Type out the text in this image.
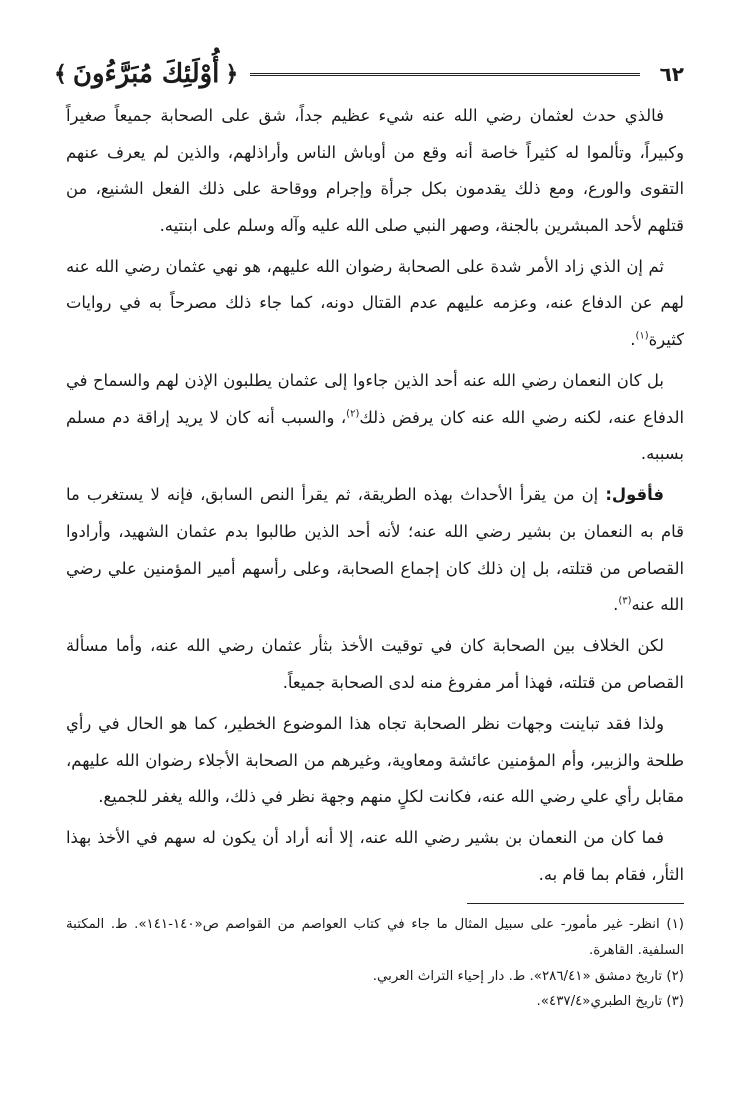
٦٢
﴿
أُوْلَئِكَ مُبَرَّءُونَ
﴾

فالذي حدث لعثمان رضي الله عنه شيء عظيم جداً، شق على الصحابة جميعاً صغيراً وكبيراً، وتألموا له كثيراً خاصة أنه وقع من أوباش الناس وأراذلهم، والذين لم يعرف عنهم التقوى والورع، ومع ذلك يقدمون بكل جرأة وإجرام ووقاحة على ذلك الفعل الشنيع، من قتلهم لأحد المبشرين بالجنة، وصهر النبي صلى الله عليه وآله وسلم على ابنتيه.

ثم إن الذي زاد الأمر شدة على الصحابة رضوان الله عليهم، هو نهي عثمان رضي الله عنه لهم عن الدفاع عنه، وعزمه عليهم عدم القتال دونه، كما جاء ذلك مصرحاً به في روايات كثيرة$^{(١)}$.

بل كان النعمان رضي الله عنه أحد الذين جاءوا إلى عثمان يطلبون الإذن لهم والسماح في الدفاع عنه، لكنه رضي الله عنه كان يرفض ذلك$^{(٢)}$، والسبب أنه كان لا يريد إراقة دم مسلم بسببه.

فأقول: إن من يقرأ الأحداث بهذه الطريقة، ثم يقرأ النص السابق، فإنه لا يستغرب ما قام به النعمان بن بشير رضي الله عنه؛ لأنه أحد الذين طالبوا بدم عثمان الشهيد، وأرادوا القصاص من قتلته، بل إن ذلك كان إجماع الصحابة، وعلى رأسهم أمير المؤمنين علي رضي الله عنه$^{(٣)}$.

لكن الخلاف بين الصحابة كان في توقيت الأخذ بثأر عثمان رضي الله عنه، وأما مسألة القصاص من قتلته، فهذا أمر مفروغ منه لدى الصحابة جميعاً.

ولذا فقد تباينت وجهات نظر الصحابة تجاه هذا الموضوع الخطير، كما هو الحال في رأي طلحة والزبير، وأم المؤمنين عائشة ومعاوية، وغيرهم من الصحابة الأجلاء رضوان الله عليهم، مقابل رأي علي رضي الله عنه، فكانت لكلٍ منهم وجهة نظر في ذلك، والله يغفر للجميع.

فما كان من النعمان بن بشير رضي الله عنه، إلا أنه أراد أن يكون له سهم في الأخذ بهذا الثأر، فقام بما قام به.

(١) انظر- غير مأمور- على سبيل المثال ما جاء في كتاب العواصم من القواصم ص«١٤٠-١٤١». ط. المكتبة السلفية. القاهرة.

(٢) تاريخ دمشق «٢٨٦/٤١». ط. دار إحياء التراث العربي.

(٣) تاريخ الطبري«٤٣٧/٤».
